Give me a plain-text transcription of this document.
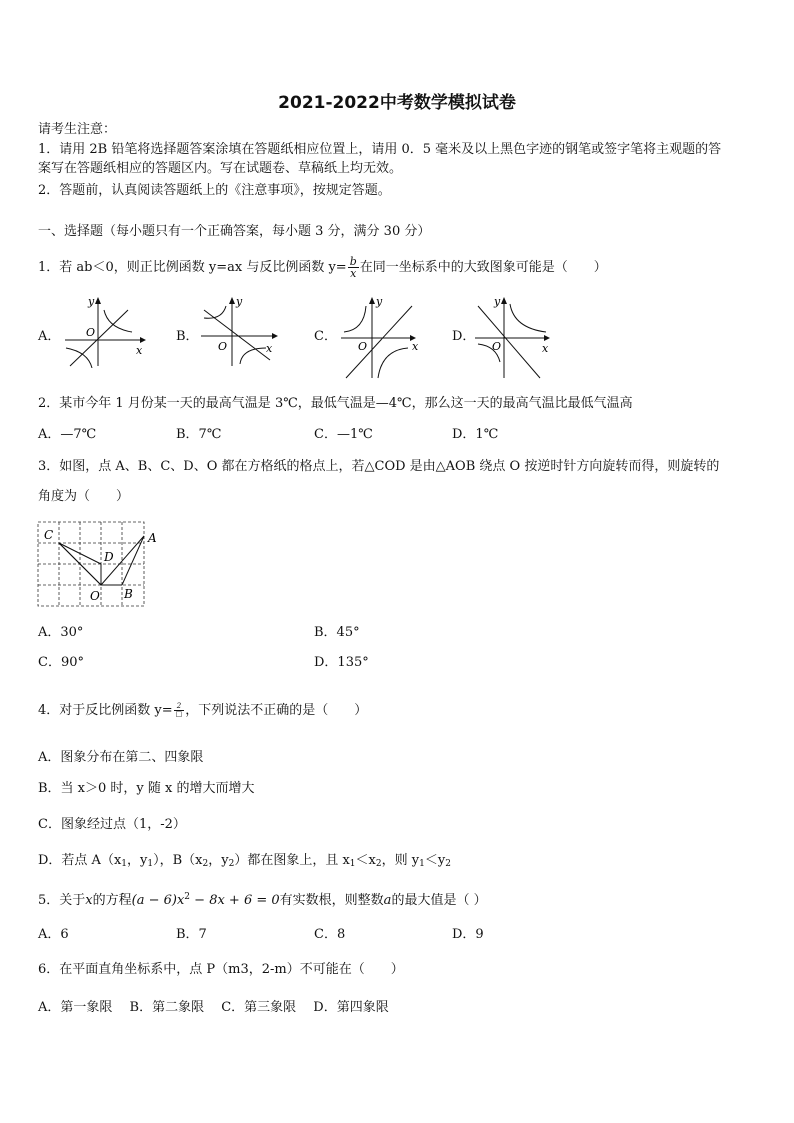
2021-2022中考数学模拟试卷
请考生注意：
1．请用 2B 铅笔将选择题答案涂填在答题纸相应位置上，请用 0．5 毫米及以上黑色字迹的钢笔或签字笔将主观题的答
案写在答题纸相应的答题区内。写在试题卷、草稿纸上均无效。
2．答题前，认真阅读答题纸上的《注意事项》，按规定答题。
一、选择题（每小题只有一个正确答案，每小题 3 分，满分 30 分）
1．若 ab＜0，则正比例函数 y=ax 与反比例函数 $y= \frac{b}{x}$ 在同一坐标系中的大致图象可能是（　　）
A．	B．	C．	D．
y
x
O
y
x
O
y
x
O
y
x
O
2．某市今年 1 月份某一天的最高气温是 3℃，最低气温是—4℃，那么这一天的最高气温比最低气温高
A．—7℃	B．7℃	C．—1℃	D．1℃
3．如图，点 A、B、C、D、O 都在方格纸的格点上，若△COD 是由△AOB 绕点 O 按逆时针方向旋转而得，则旋转的
角度为（　　）
C	A
D
O B
A．30°	B．45°
C．90°	D．135°
4．对于反比例函数 $y= \frac{2}{□}$ ，下列说法不正确的是（　　）
A．图象分布在第二、四象限
B．当 x＞0 时，y 随 x 的增大而增大
C．图象经过点（1，-2）
D．若点 $A(x_1$，$y_1$），$B(x_2$，$y_2$）都在图象上，且 $x_1<x_2$，则 $y_1<y_2$
5．关于x的方程$(a - 6)x^2 - 8x + 6 = 0$有实数根，则整数a的最大值是（ ）
A．6	B．7	C．8	D．9
6．在平面直角坐标系中，点 P（m3，2-m）不可能在（　　）
A．第一象限　 B．第二象限　 C．第三象限　 D．第四象限
